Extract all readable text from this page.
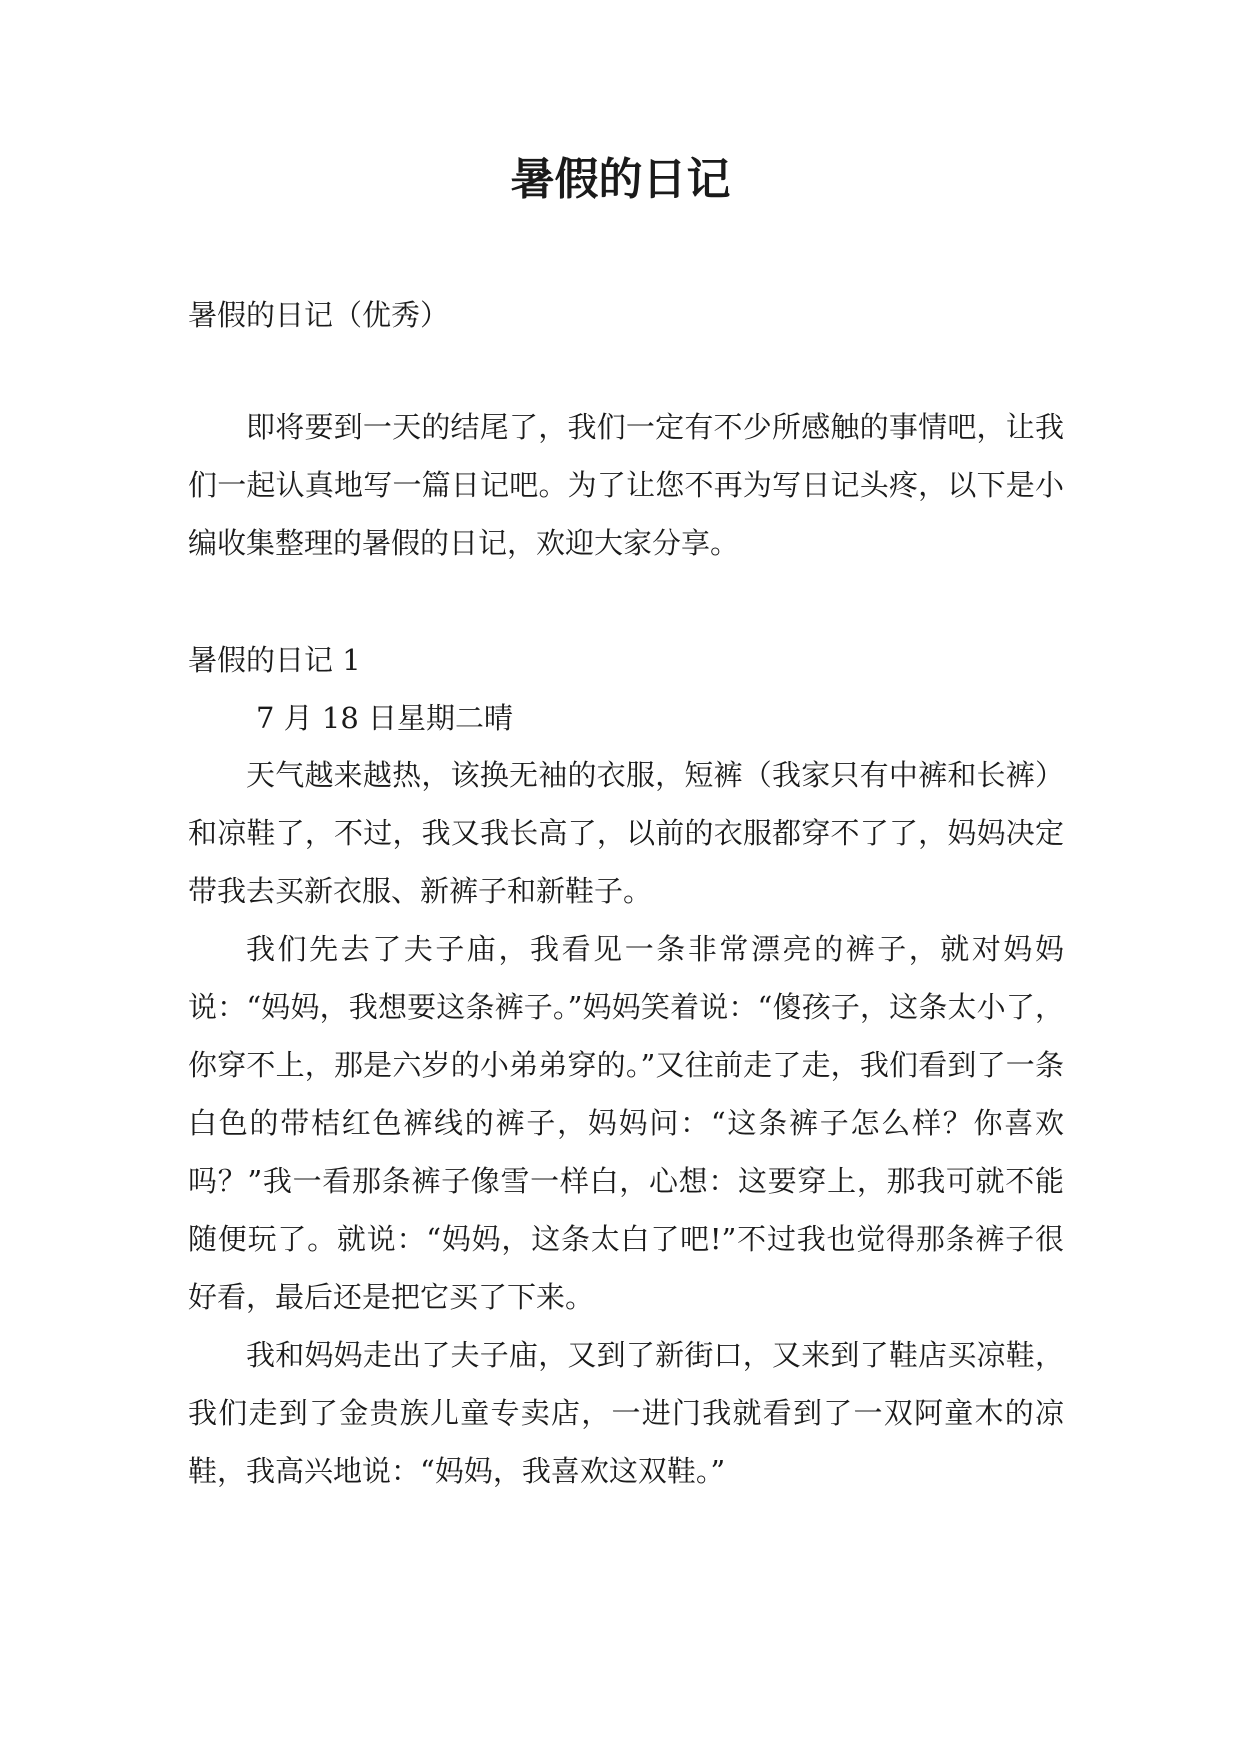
暑假的日记
暑假的日记（优秀）

即将要到一天的结尾了，我们一定有不少所感触的事情吧，让我们一起认真地写一篇日记吧。为了让您不再为写日记头疼，以下是小编收集整理的暑假的日记，欢迎大家分享。

暑假的日记 1
7 月 18 日星期二晴

天气越来越热，该换无袖的衣服，短裤（我家只有中裤和长裤）和凉鞋了，不过，我又我长高了，以前的衣服都穿不了了，妈妈决定带我去买新衣服、新裤子和新鞋子。

我们先去了夫子庙，我看见一条非常漂亮的裤子，就对妈妈说：“妈妈，我想要这条裤子。”妈妈笑着说：“傻孩子，这条太小了，你穿不上，那是六岁的小弟弟穿的。”又往前走了走，我们看到了一条白色的带桔红色裤线的裤子，妈妈问：“这条裤子怎么样？你喜欢吗？”我一看那条裤子像雪一样白，心想：这要穿上，那我可就不能随便玩了。就说：“妈妈，这条太白了吧!”不过我也觉得那条裤子很好看，最后还是把它买了下来。

我和妈妈走出了夫子庙，又到了新街口，又来到了鞋店买凉鞋，我们走到了金贵族儿童专卖店，一进门我就看到了一双阿童木的凉鞋，我高兴地说：“妈妈，我喜欢这双鞋。”
